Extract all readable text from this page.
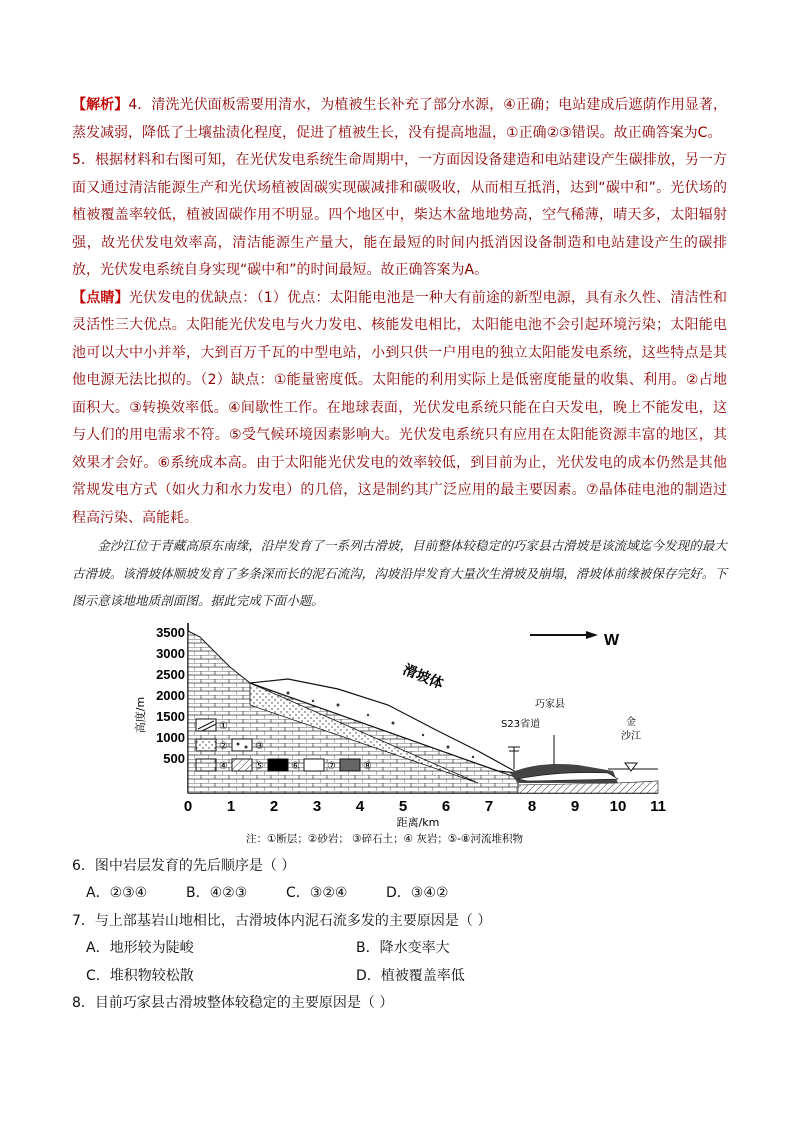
【解析】4．清洗光伏面板需要用清水，为植被生长补充了部分水源，④正确；电站建成后遮荫作用显著，蒸发减弱，降低了土壤盐渍化程度，促进了植被生长，没有提高地温，①正确②③错误。故正确答案为C。

5．根据材料和右图可知，在光伏发电系统生命周期中，一方面因设备建造和电站建设产生碳排放，另一方面又通过清洁能源生产和光伏场植被固碳实现碳减排和碳吸收，从而相互抵消，达到“碳中和”。光伏场的植被覆盖率较低，植被固碳作用不明显。四个地区中，柴达木盆地地势高，空气稀薄，晴天多，太阳辐射强，故光伏发电效率高，清洁能源生产量大，能在最短的时间内抵消因设备制造和电站建设产生的碳排放，光伏发电系统自身实现“碳中和”的时间最短。故正确答案为A。

【点睛】光伏发电的优缺点：（1）优点：太阳能电池是一种大有前途的新型电源，具有永久性、清洁性和灵活性三大优点。太阳能光伏发电与火力发电、核能发电相比，太阳能电池不会引起环境污染；太阳能电池可以大中小并举，大到百万千瓦的中型电站，小到只供一户用电的独立太阳能发电系统，这些特点是其他电源无法比拟的。（2）缺点：①能量密度低。太阳能的利用实际上是低密度能量的收集、利用。②占地面积大。③转换效率低。④间歇性工作。在地球表面，光伏发电系统只能在白天发电，晚上不能发电，这与人们的用电需求不符。⑤受气候环境因素影响大。光伏发电系统只有应用在太阳能资源丰富的地区，其效果才会好。⑥系统成本高。由于太阳能光伏发电的效率较低，到目前为止，光伏发电的成本仍然是其他常规发电方式（如火力和水力发电）的几倍，这是制约其广泛应用的最主要因素。⑦晶体硅电池的制造过程高污染、高能耗。

金沙江位于青藏高原东南缘，沿岸发育了一系列古滑坡，目前整体较稳定的巧家县古滑坡是该流域迄今发现的最大古滑坡。该滑坡体顺坡发育了多条深而长的泥石流沟，沟坡沿岸发育大量次生滑坡及崩塌，滑坡体前缘被保存完好。下图示意该地地质剖面图。据此完成下面小题。

3500
3000
2500
2000
1500
1000
500
高度/m
0 1 2 3 4 5 6 7 8 9 10 11
距离/km
W
滑坡体
S23省道
巧家县
金
沙江
①
②	③
④	⑤	⑥	⑦	⑧
注：①断层；②砂岩； ③碎石土；④ 灰岩；⑤-⑧河流堆积物

6．图中岩层发育的先后顺序是（ ）

A．②③④	B．④②③	C．③②④	D．③④②

7．与上部基岩山地相比，古滑坡体内泥石流多发的主要原因是（ ）

A．地形较为陡峻	B．降水变率大
C．堆积物较松散	D．植被覆盖率低

8．目前巧家县古滑坡整体较稳定的主要原因是（ ）
